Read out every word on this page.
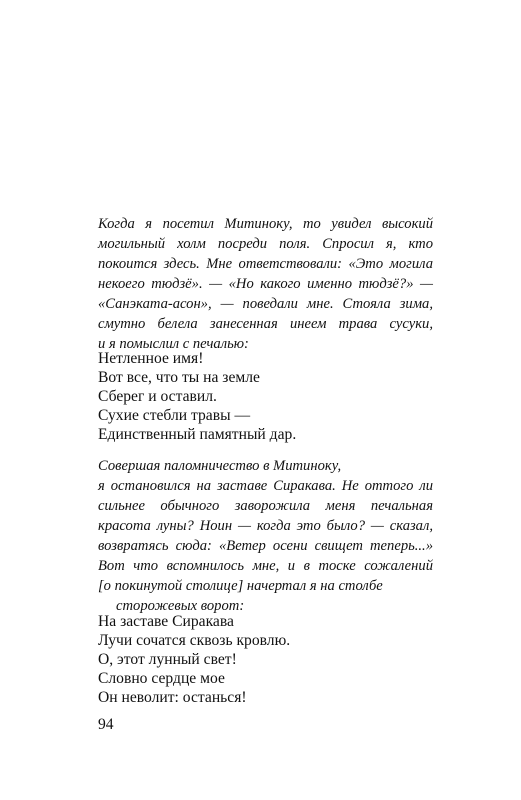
Когда я посетил Митиноку, то увидел высокий
могильный холм посреди поля. Спросил я, кто
покоится здесь. Мне ответствовали: «Это могила
некоего тюдзё». — «Но какого именно тюдзё?» —
«Санэката-асон», — поведали мне. Стояла зима,
смутно белела занесенная инеем трава сусуки,
и я помыслил с печалью:
Нетленное имя!
Вот все, что ты на земле
Сберег и оставил.
Сухие стебли травы —
Единственный памятный дар.
Совершая паломничество в Митиноку,
я остановился на заставе Сиракава. Не оттого ли
сильнее обычного заворожила меня печальная
красота луны? Ноин — когда это было? — сказал,
возвратясь сюда: «Ветер осени свищет теперь...»
Вот что вспомнилось мне, и в тоске сожалений
[о покинутой столице] начертал я на столбе
сторожевых ворот:
На заставе Сиракава
Лучи сочатся сквозь кровлю.
О, этот лунный свет!
Словно сердце мое
Он неволит: останься!
94
